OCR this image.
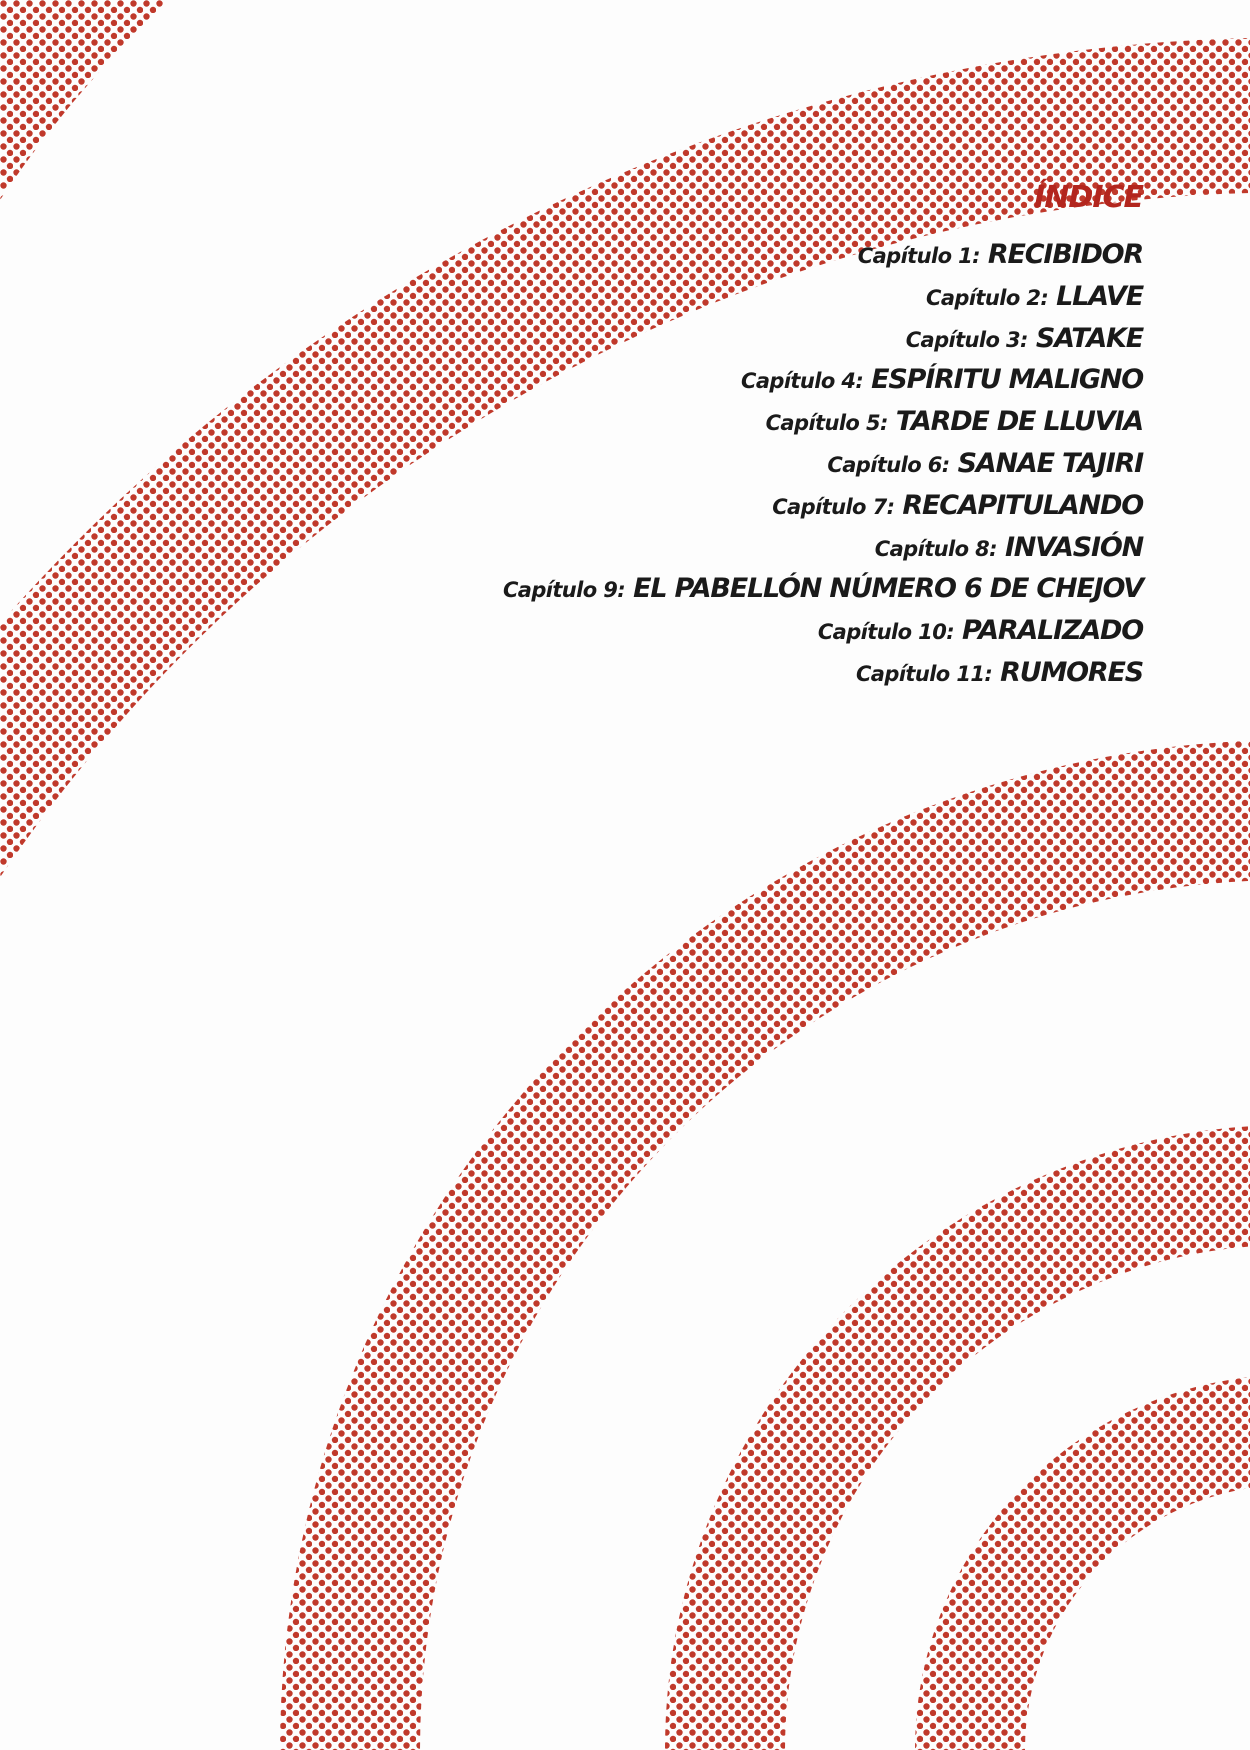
ÍNDICE
Capítulo 1: RECIBIDOR
Capítulo 2: LLAVE
Capítulo 3: SATAKE
Capítulo 4: ESPÍRITU MALIGNO
Capítulo 5: TARDE DE LLUVIA
Capítulo 6: SANAE TAJIRI
Capítulo 7: RECAPITULANDO
Capítulo 8: INVASIÓN
Capítulo 9: EL PABELLÓN NÚMERO 6 DE CHEJOV
Capítulo 10: PARALIZADO
Capítulo 11: RUMORES
